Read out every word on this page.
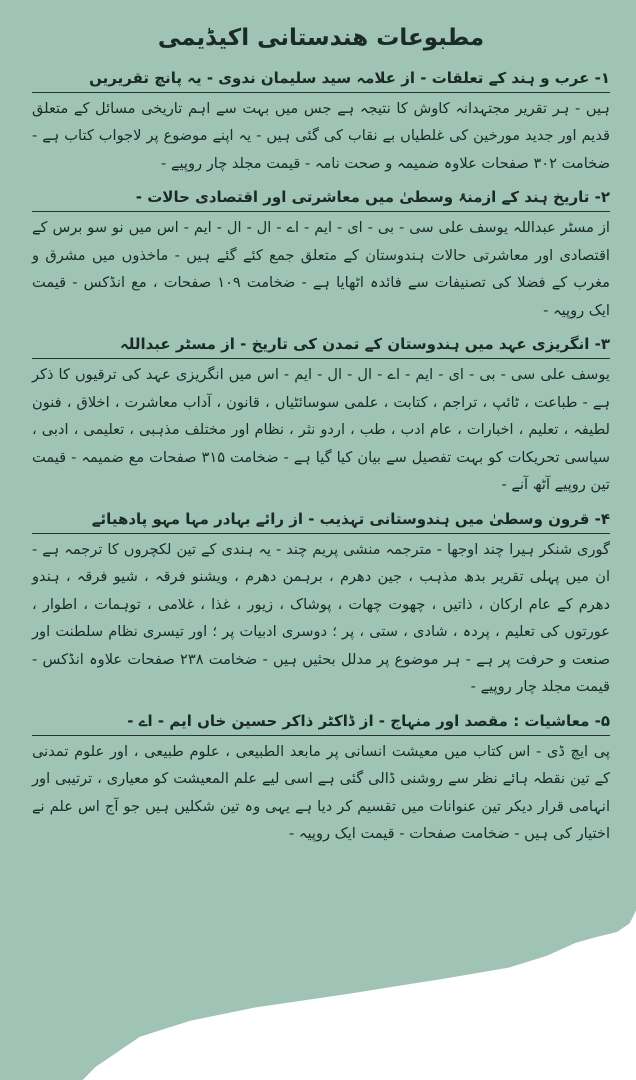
مطبوعات هندستانی اکیڈیمی
۱- عرب و ہند کے تعلقات - از علامہ سید سلیمان ندوی - یہ پانچ تقریریں
ہیں - ہر تقریر مجتہدانہ کاوش کا نتیجہ ہے جس میں بہت سے اہم تاریخی مسائل کے متعلق قدیم اور جدید مورخین کی غلطیاں بے نقاب کی گئی ہیں - یہ اپنے موضوع پر لاجواب کتاب ہے - ضخامت ۳۰۲ صفحات علاوہ ضمیمہ و صحت نامہ - قیمت مجلد چار روپیے -
۲- تاریخ ہند کے ازمنۂ وسطیٰ میں معاشرتی اور اقتصادی حالات -
از مسٹر عبداللہ یوسف علی سی - بی - ای - ایم - اے - ال - ال - ایم - اس میں نو سو برس کے اقتصادی اور معاشرتی حالات ہندوستان کے متعلق جمع کئے گئے ہیں - ماخذوں میں مشرق و مغرب کے فضلا کی تصنیفات سے فائدہ اٹھایا ہے - ضخامت ۱۰۹ صفحات ، مع انڈکس - قیمت ایک روپیہ -
۳- انگریزی عہد میں ہندوستان کے تمدن کی تاریخ - از مسٹر عبداللہ
یوسف علی سی - بی - ای - ایم - اے - ال - ال - ایم - اس میں انگریزی عہد کی ترقیوں کا ذکر ہے - طباعت ، ٹائپ ، تراجم ، کتابت ، علمی سوسائٹیاں ، قانون ، آداب معاشرت ، اخلاق ، فنون لطیفہ ، تعلیم ، اخبارات ، عام ادب ، طب ، اردو نثر ، نظام اور مختلف مذہبی ، تعلیمی ، ادبی ، سیاسی تحریکات کو بہت تفصیل سے بیان کیا گیا ہے - ضخامت ۳۱۵ صفحات مع ضمیمہ - قیمت تین روپیے آٹھ آنے -
۴- قرون وسطیٰ میں ہندوستانی تہذیب - از رائے بہادر مہا مہو پادھیائے
گوری شنکر ہیرا چند اوجھا - مترجمہ منشی پریم چند - یہ ہندی کے تین لکچروں کا ترجمہ ہے - ان میں پہلی تقریر بدھ مذہب ، جین دھرم ، برہمن دھرم ، ویشنو فرقہ ، شیو فرقہ ، ہندو دھرم کے عام ارکان ، ذاتیں ، چھوت چھات ، پوشاک ، زیور ، غذا ، غلامی ، توہمات ، اطوار ، عورتوں کی تعلیم ، پردہ ، شادی ، ستی ، پر ؛ دوسری ادبیات پر ؛ اور تیسری نظام سلطنت اور صنعت و حرفت پر ہے - ہر موضوع پر مدلل بحثیں ہیں - ضخامت ۲۳۸ صفحات علاوہ انڈکس - قیمت مجلد چار روپیے -
۵- معاشیات : مقصد اور منہاج - از ڈاکٹر ذاکر حسین خاں ایم - اے -
پی ایچ ڈی - اس کتاب میں معیشت انسانی پر مابعد الطبیعی ، علوم طبیعی ، اور علوم تمدنی کے تین نقطہ ہائے نظر سے روشنی ڈالی گئی ہے اسی لیے علم المعیشت کو معیاری ، ترتیبی اور انہامی قرار دیکر تین عنوانات میں تقسیم کر دیا ہے یہی وہ تین شکلیں ہیں جو آج اس علم نے اختیار کی ہیں - ضخامت صفحات - قیمت ایک روپیہ -
